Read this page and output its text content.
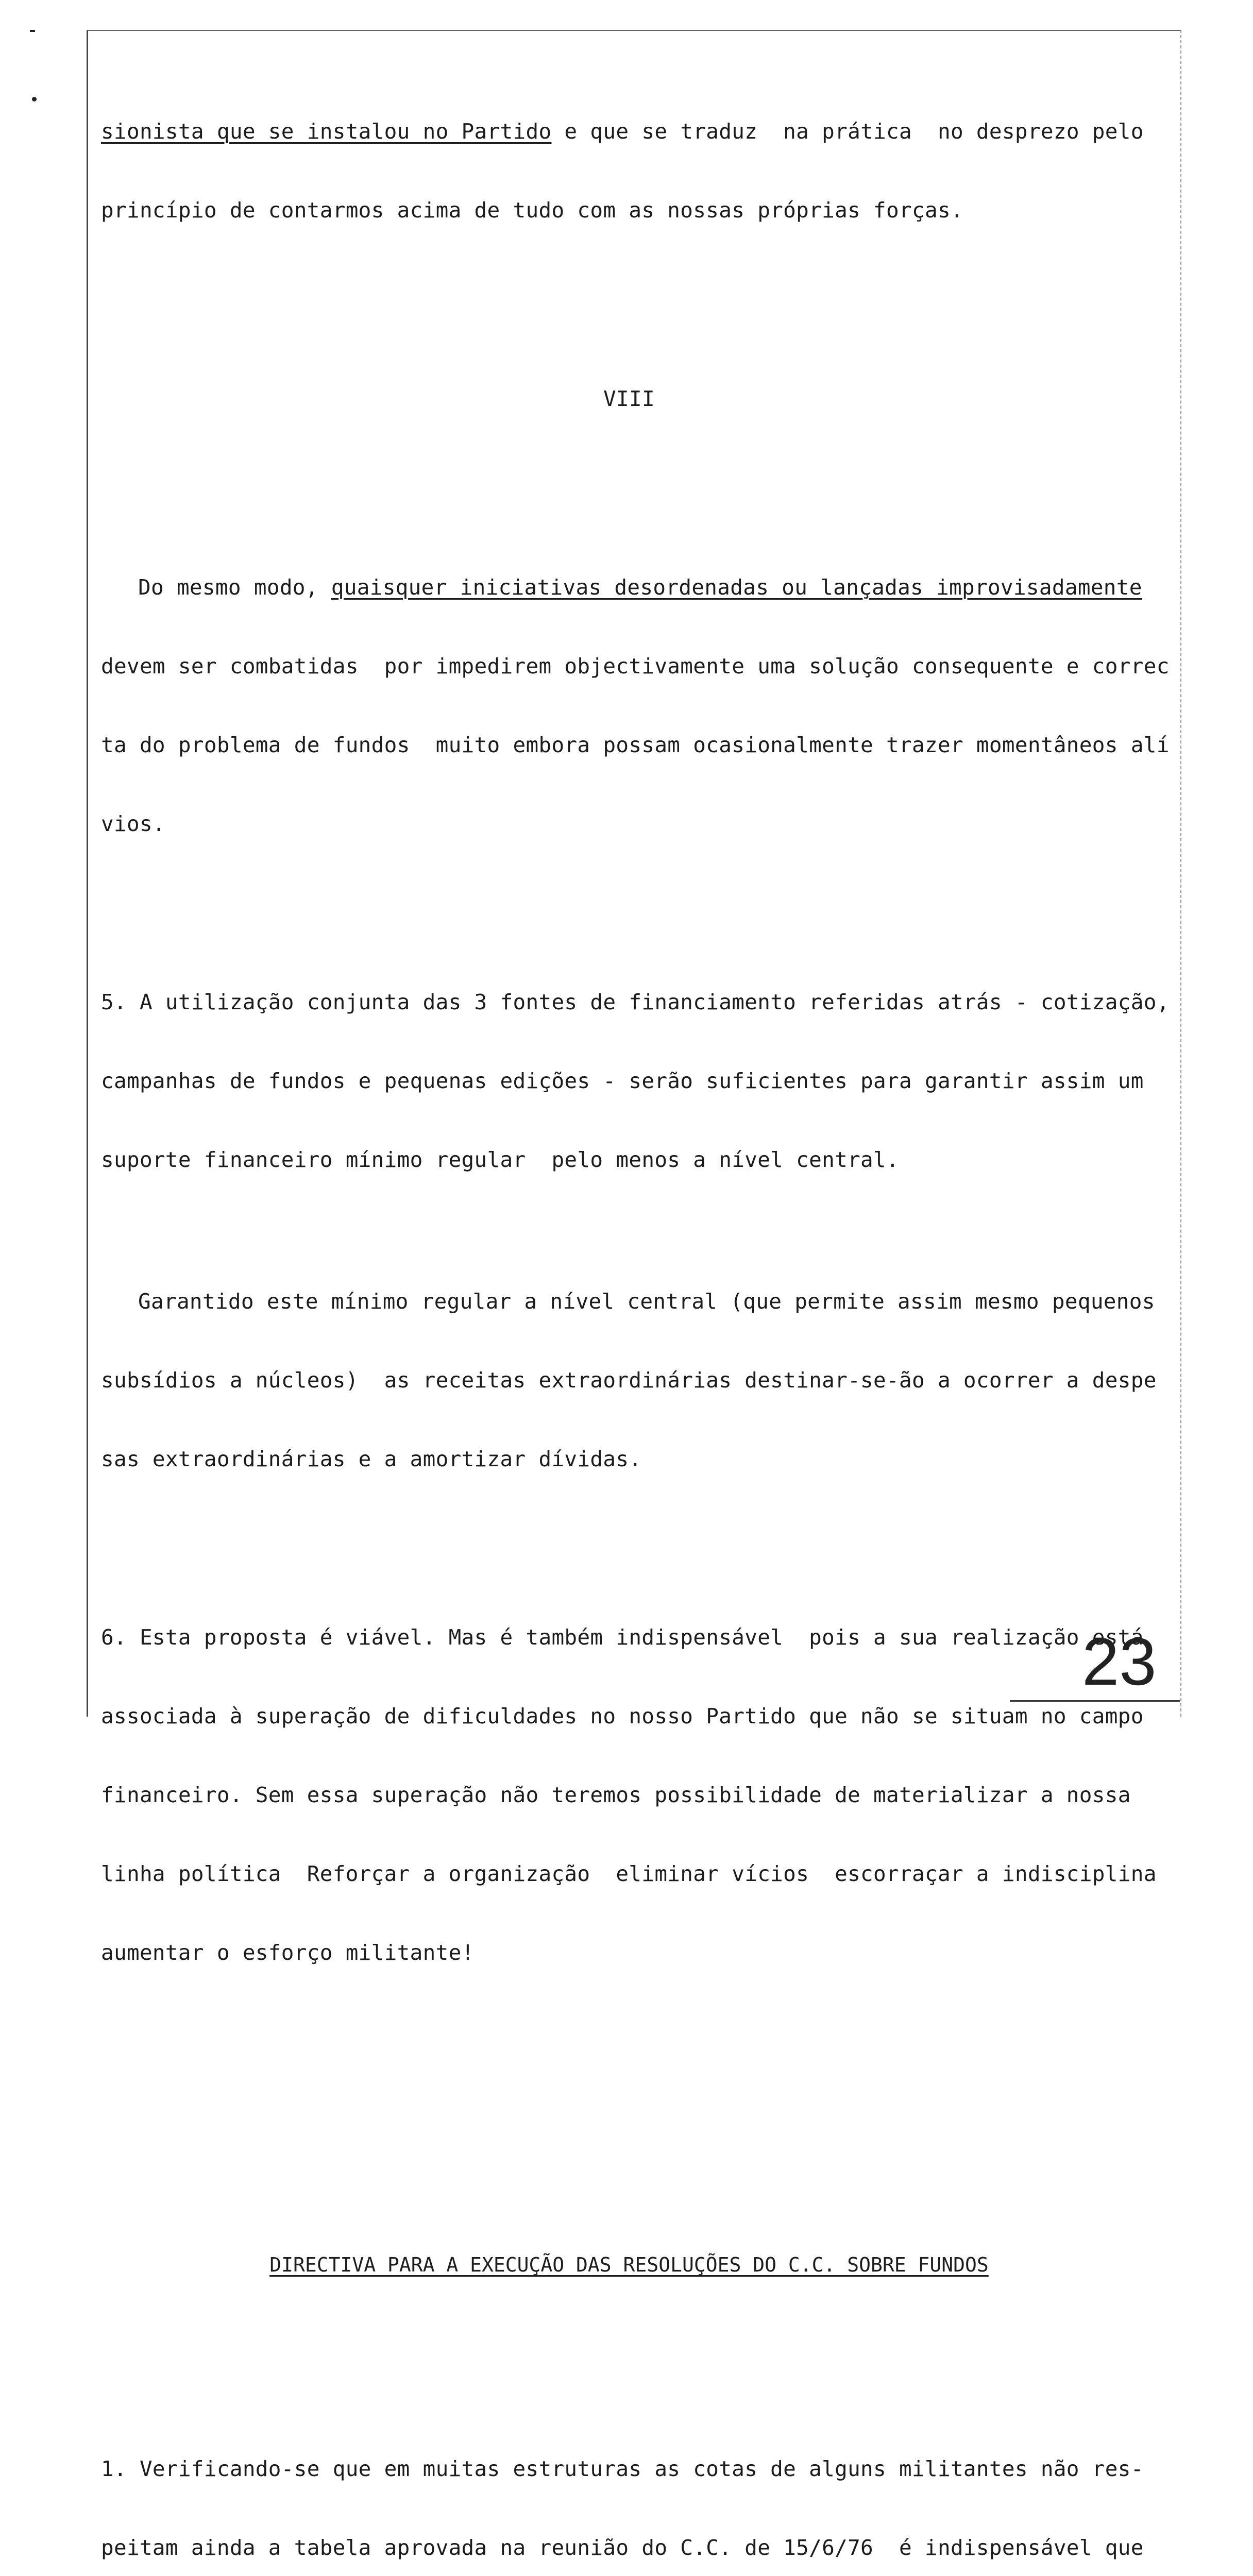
sionista que se instalou no Partido e que se traduz  na prática  no desprezo pelo

princípio de contarmos acima de tudo com as nossas próprias forças.

VIII

Do mesmo modo, quaisquer iniciativas desordenadas ou lançadas improvisadamente

devem ser combatidas  por impedirem objectivamente uma solução consequente e correc

ta do problema de fundos  muito embora possam ocasionalmente trazer momentâneos alí

vios.

5. A utilização conjunta das 3 fontes de financiamento referidas atrás - cotização,

campanhas de fundos e pequenas edições - serão suficientes para garantir assim um

suporte financeiro mínimo regular  pelo menos a nível central.

Garantido este mínimo regular a nível central (que permite assim mesmo pequenos

subsídios a núcleos)  as receitas extraordinárias destinar-se-ão a ocorrer a despe

sas extraordinárias e a amortizar dívidas.

6. Esta proposta é viável. Mas é também indispensável  pois a sua realização está

associada à superação de dificuldades no nosso Partido que não se situam no campo

financeiro. Sem essa superação não teremos possibilidade de materializar a nossa

linha política  Reforçar a organização  eliminar vícios  escorraçar a indisciplina

aumentar o esforço militante!

DIRECTIVA PARA A EXECUÇÃO DAS RESOLUÇÕES DO C.C. SOBRE FUNDOS

1. Verificando-se que em muitas estruturas as cotas de alguns militantes não res-

peitam ainda a tabela aprovada na reunião do C.C. de 15/6/76  é indispensável que

23
